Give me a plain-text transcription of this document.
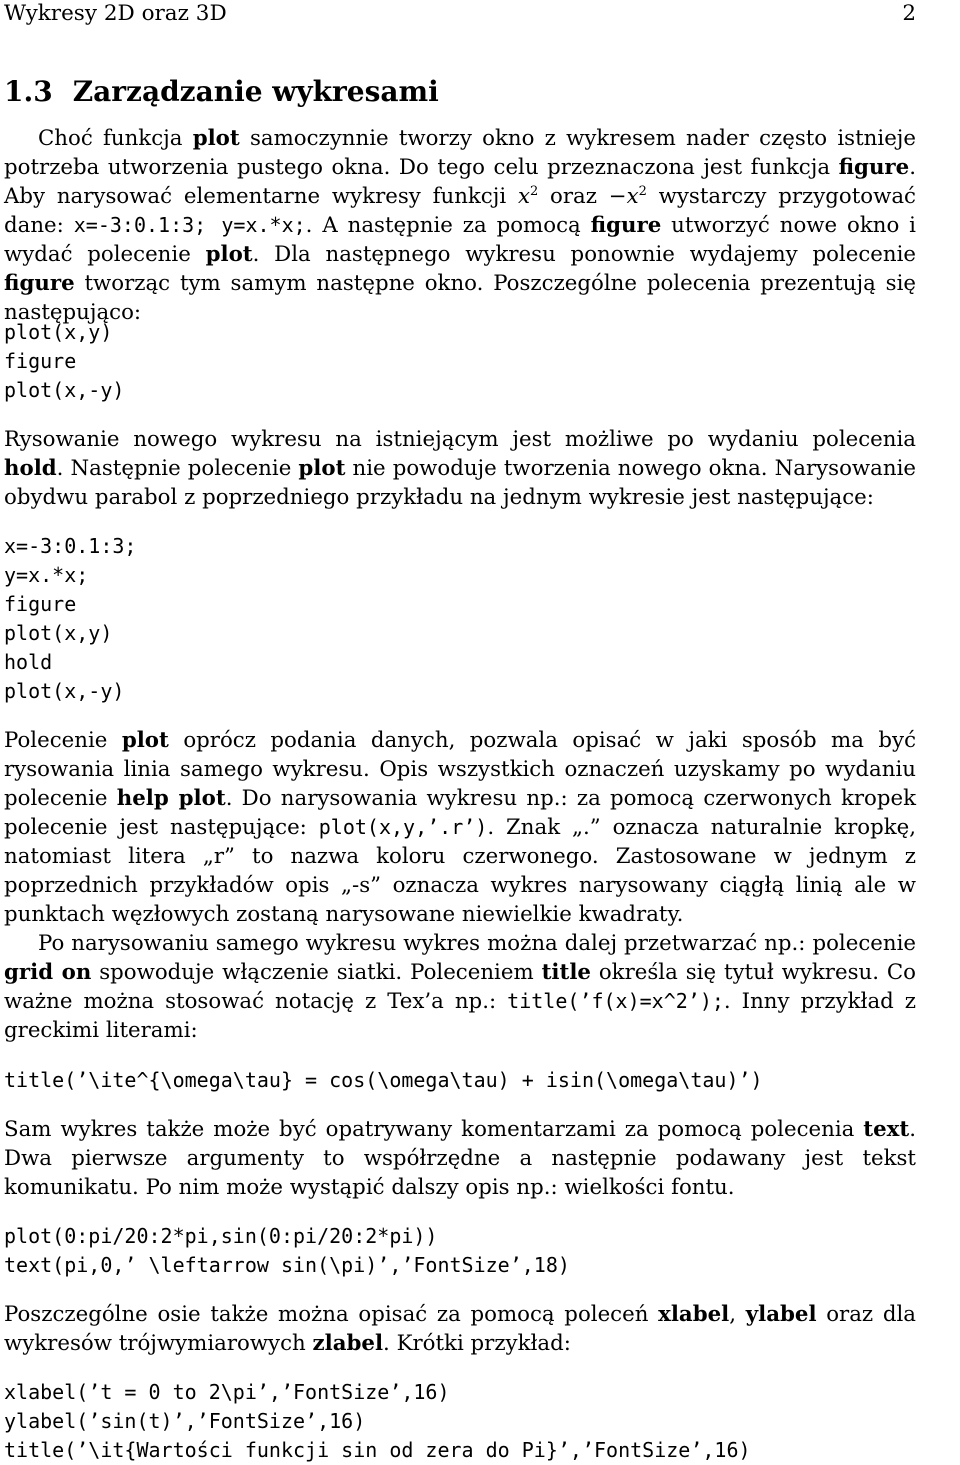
Wykresy 2D oraz 3D	2
1.3 Zarządzanie wykresami

Choć funkcja plot samoczynnie tworzy okno z wykresem nader często istnieje potrzeba utworzenia pustego okna. Do tego celu przeznaczona jest funkcja figure. Aby narysować elementarne wykresy funkcji $x^2$ oraz $-x^2$ wystarczy przygotować dane: x=-3:0.1:3; y=x.*x;. A następnie za pomocą figure utworzyć nowe okno i wydać polecenie plot. Dla następnego wykresu ponownie wydajemy polecenie figure tworząc tym samym następne okno. Poszczególne polecenia prezentują się następująco:

plot(x,y)
figure
plot(x,-y)

Rysowanie nowego wykresu na istniejącym jest możliwe po wydaniu polecenia hold. Następnie polecenie plot nie powoduje tworzenia nowego okna. Narysowanie obydwu parabol z poprzedniego przykładu na jednym wykresie jest następujące:

x=-3:0.1:3;
y=x.*x;
figure
plot(x,y)
hold
plot(x,-y)

Polecenie plot oprócz podania danych, pozwala opisać w jaki sposób ma być rysowania linia samego wykresu. Opis wszystkich oznaczeń uzyskamy po wydaniu polecenie help plot. Do narysowania wykresu np.: za pomocą czerwonych kropek polecenie jest następujące: plot(x,y,’.r’). Znak „.” oznacza naturalnie kropkę, natomiast litera „r” to nazwa koloru czerwonego. Zastosowane w jednym z poprzednich przykładów opis „-s” oznacza wykres narysowany ciągłą linią ale w punktach węzłowych zostaną narysowane niewielkie kwadraty.

Po narysowaniu samego wykresu wykres można dalej przetwarzać np.: polecenie grid on spowoduje włączenie siatki. Poleceniem title określa się tytuł wykresu. Co ważne można stosować notację z Tex’a np.: title(’f(x)=x^2’);. Inny przykład z greckimi literami:

title(’\ite^{\omega\tau} = cos(\omega\tau) + isin(\omega\tau)’)

Sam wykres także może być opatrywany komentarzami za pomocą polecenia text. Dwa pierwsze argumenty to współrzędne a następnie podawany jest tekst komunikatu. Po nim może wystąpić dalszy opis np.: wielkości fontu.

plot(0:pi/20:2*pi,sin(0:pi/20:2*pi))
text(pi,0,’ \leftarrow sin(\pi)’,’FontSize’,18)

Poszczególne osie także można opisać za pomocą poleceń xlabel, ylabel oraz dla wykresów trójwymiarowych zlabel. Krótki przykład:

xlabel(’t = 0 to 2\pi’,’FontSize’,16)
ylabel(’sin(t)’,’FontSize’,16)
title(’\it{Wartości funkcji sin od zera do Pi}’,’FontSize’,16)
